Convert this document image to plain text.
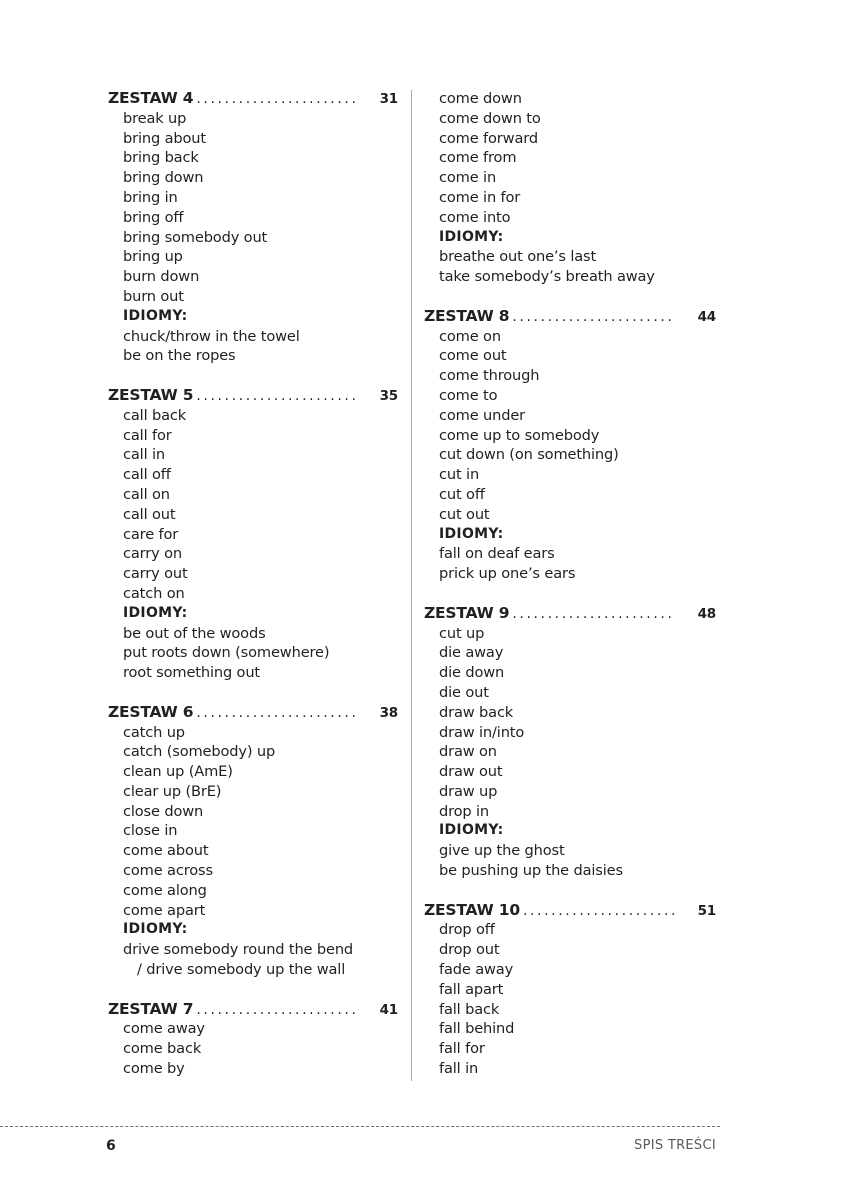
ZESTAW 4 .......................	31
break up
bring about
bring back
bring down
bring in
bring off
bring somebody out
bring up
burn down
burn out
IDIOMY:
chuck/throw in the towel
be on the ropes
ZESTAW 5 .......................	35
call back
call for
call in
call off
call on
call out
care for
carry on
carry out
catch on
IDIOMY:
be out of the woods
put roots down (somewhere)
root something out
ZESTAW 6 .......................	38
catch up
catch (somebody) up
clean up (AmE)
clear up (BrE)
close down
close in
come about
come across
come along
come apart
IDIOMY:
drive somebody round the bend
/ drive somebody up the wall
ZESTAW 7 .......................	41
come away
come back
come by
come down
come down to
come forward
come from
come in
come in for
come into
IDIOMY:
breathe out one’s last
take somebody’s breath away
ZESTAW 8 .......................	44
come on
come out
come through
come to
come under
come up to somebody
cut down (on something)
cut in
cut off
cut out
IDIOMY:
fall on deaf ears
prick up one’s ears
ZESTAW 9 .......................	48
cut up
die away
die down
die out
draw back
draw in/into
draw on
draw out
draw up
drop in
IDIOMY:
give up the ghost
be pushing up the daisies
ZESTAW 10 ......................	51
drop off
drop out
fade away
fall apart
fall back
fall behind
fall for
fall in
6	SPIS TREŚCI
